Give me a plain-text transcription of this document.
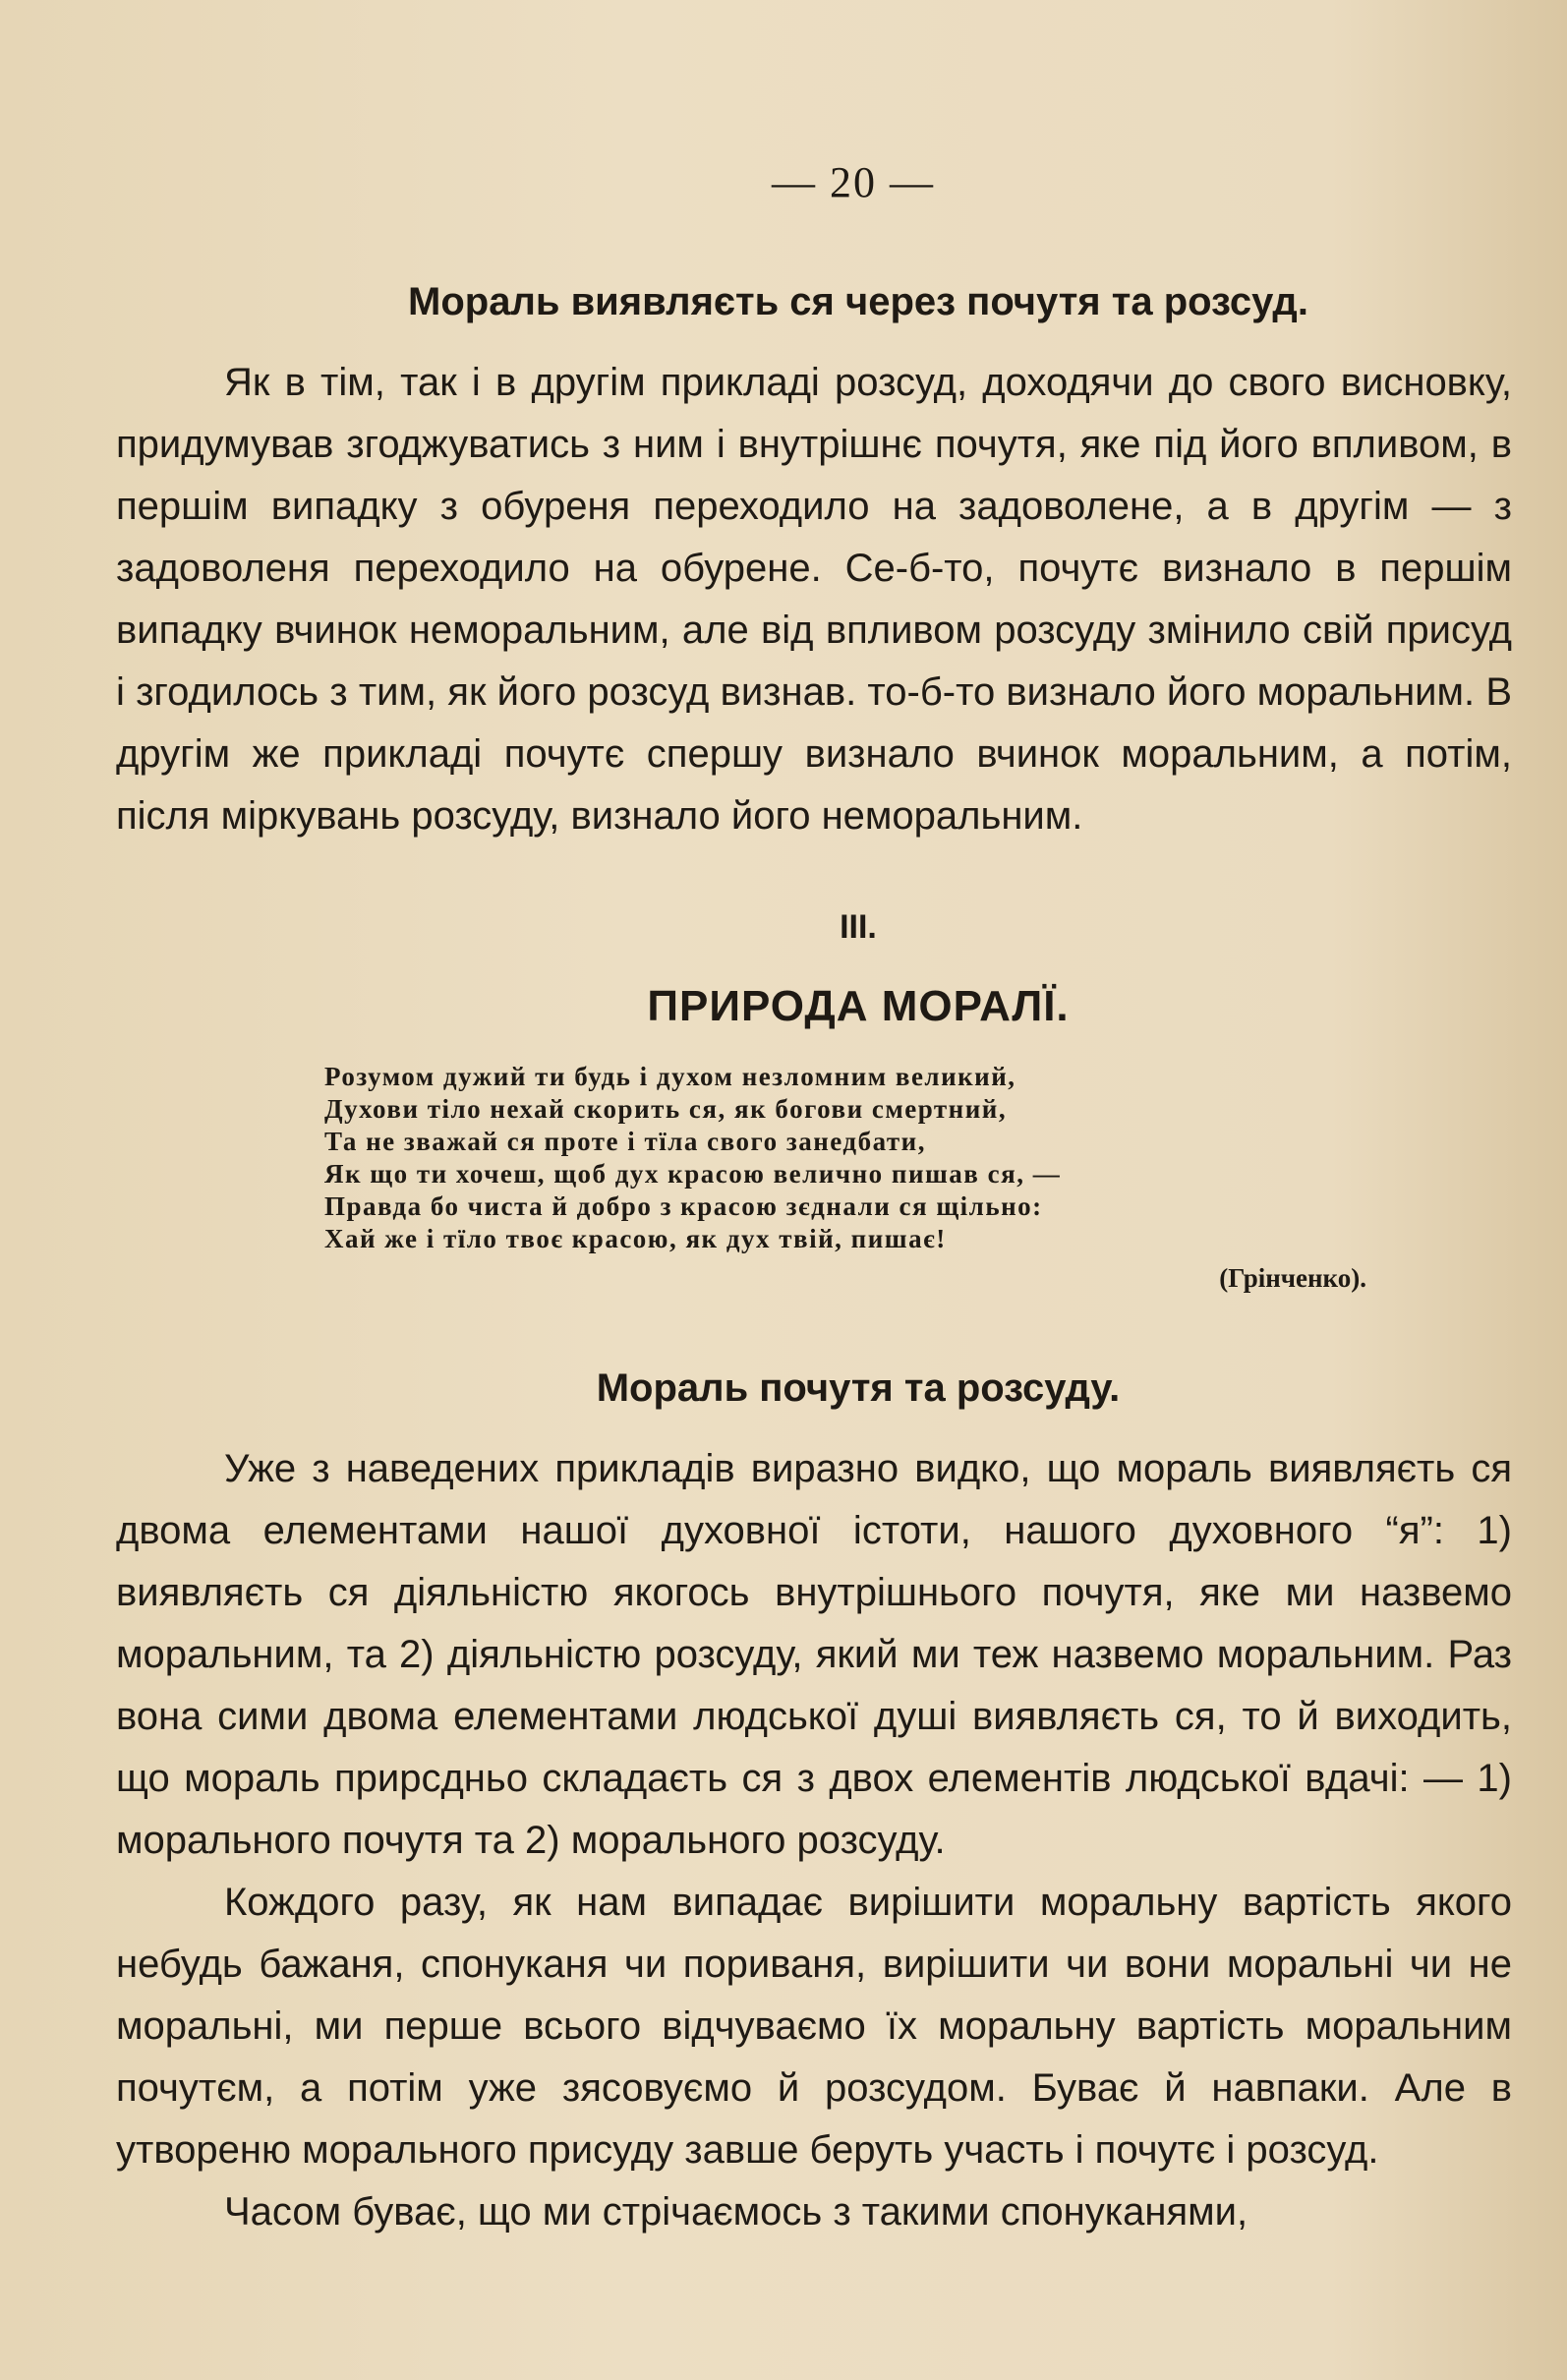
— 20 —
Мораль виявляєть ся через почутя та розсуд.

Як в тім, так і в другім прикладі розсуд, доходячи до свого висновку, придумував згоджуватись з ним і внутрішнє почутя, яке під його впливом, в першім випадку з обуреня переходило на задоволене, а в другім — з задоволеня переходило на обурене. Се-б-то, почутє визнало в першім випадку вчинок неморальним, але від впливом розсуду змінило свій присуд і згодилось з тим, як його розсуд визнав. то-б-то визнало його моральним. В другім же прикладі почутє спершу визнало вчинок моральним, а потім, після міркувань розсуду, визнало його неморальним.

III.
ПРИРОДА МОРАЛЇ.
Розумом дужий ти будь і духом незломним великий,
Духови тіло нехай скорить ся, як богови смертний,
Та не зважай ся проте і тїла свого занедбати,
Як що ти хочеш, щоб дух красою велично пишав ся, —
Правда бо чиста й добро з красою зєднали ся щільно:
Хай же і тїло твоє красою, як дух твій, пишає!
(Грінченко).
Мораль почутя та розсуду.

Уже з наведених прикладів виразно видко, що мораль виявляєть ся двома елементами нашої духовної істоти, нашого духовного “я”: 1) виявляєть ся діяльністю якогось внутрішнього почутя, яке ми назвемо моральним, та 2) діяльністю розсуду, який ми теж назвемо моральним. Раз вона сими двома елементами людської душі виявляєть ся, то й виходить, що мораль прирсдньо складаєть ся з двох елементів людської вдачі: — 1) морального почутя та 2) морального розсуду.

Кождого разу, як нам випадає вирішити моральну вартість якого небудь бажаня, спонуканя чи пориваня, вирішити чи вони моральні чи не моральні, ми перше всього відчуваємо їх моральну вартість моральним почутєм, а потім уже зясовуємо й розсудом. Буває й навпаки. Але в утвореню морального присуду завше беруть участь і почутє і розсуд.

Часом буває, що ми стрічаємось з такими спонуканями,
